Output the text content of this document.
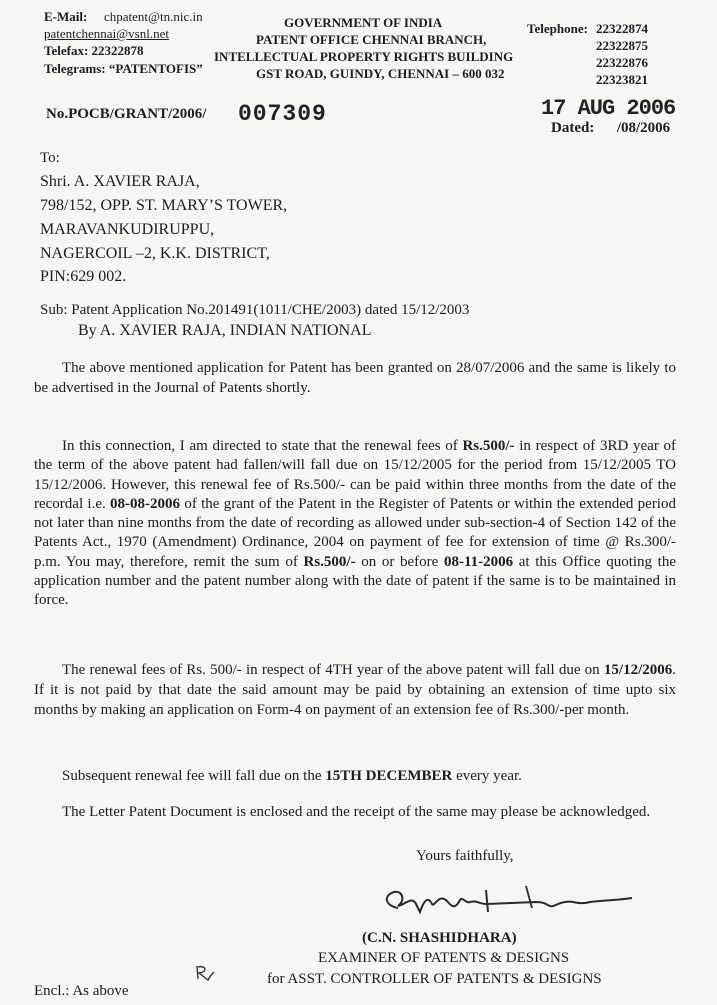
E-Mail: chpatent@tn.nic.in
patentchennai@vsnl.net
Telefax: 22322878
Telegrams: “PATENTOFIS”
GOVERNMENT OF INDIA
PATENT OFFICE CHENNAI BRANCH,
INTELLECTUAL PROPERTY RIGHTS BUILDING
GST ROAD, GUINDY, CHENNAI – 600 032
Telephone: 22322874
22322875
22322876
22323821
No.POCB/GRANT/2006/ 007309	17 AUG 2006
Dated:      /08/2006
To:
Shri. A. XAVIER RAJA,
798/152, OPP. ST. MARY’S TOWER,
MARAVANKUDIRUPPU,
NAGERCOIL –2, K.K. DISTRICT,
PIN:629 002.
Sub: Patent Application No.201491(1011/CHE/2003) dated 15/12/2003
By A. XAVIER RAJA, INDIAN NATIONAL
The above mentioned application for Patent has been granted on 28/07/2006 and the same is likely to be advertised in the Journal of Patents shortly.
In this connection, I am directed to state that the renewal fees of Rs.500/- in respect of 3RD year of the term of the above patent had fallen/will fall due on 15/12/2005 for the period from 15/12/2005 TO 15/12/2006. However, this renewal fee of Rs.500/- can be paid within three months from the date of the recordal i.e. 08-08-2006 of the grant of the Patent in the Register of Patents or within the extended period not later than nine months from the date of recording as allowed under sub-section-4 of Section 142 of the Patents Act., 1970 (Amendment) Ordinance, 2004 on payment of fee for extension of time @ Rs.300/- p.m. You may, therefore, remit the sum of Rs.500/- on or before 08-11-2006 at this Office quoting the application number and the patent number along with the date of patent if the same is to be maintained in force.
The renewal fees of Rs. 500/- in respect of 4TH year of the above patent will fall due on 15/12/2006. If it is not paid by that date the said amount may be paid by obtaining an extension of time upto six months by making an application on Form-4 on payment of an extension fee of Rs.300/-per month.
Subsequent renewal fee will fall due on the 15TH DECEMBER every year.
The Letter Patent Document is enclosed and the receipt of the same may please be acknowledged.
Yours faithfully,
(C.N. SHASHIDHARA)
EXAMINER OF PATENTS & DESIGNS
for ASST. CONTROLLER OF PATENTS & DESIGNS
Encl.: As above
